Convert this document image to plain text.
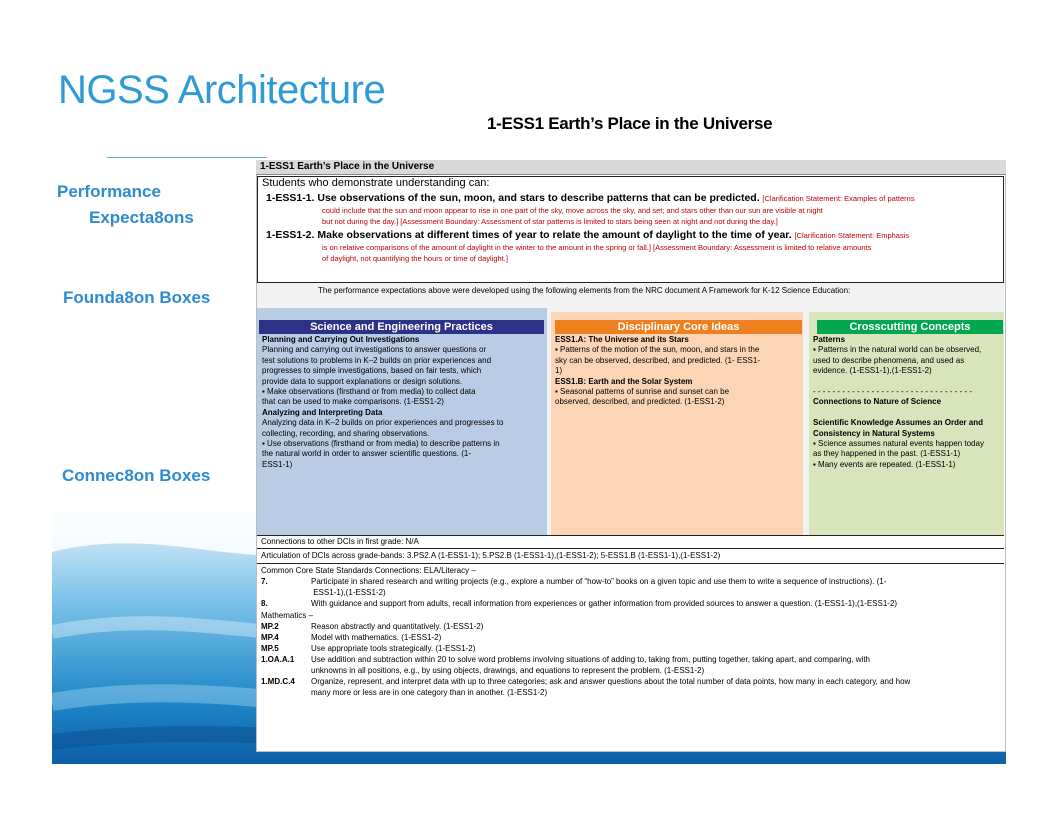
NGSS Architecture
1-ESS1 Earth’s Place in the Universe
Performance
Expecta8ons
Founda8on Boxes
Connec8on Boxes
1-ESS1 Earth’s Place in the Universe
Students who demonstrate understanding can:
1-ESS1-1. Use observations of the sun, moon, and stars to describe patterns that can be predicted. [Clarification Statement: Examples of patterns
could include that the sun and moon appear to rise in one part of the sky, move across the sky, and set; and stars other than our sun are visible at night
but not during the day.] [Assessment Boundary: Assessment of star patterns is limited to stars being seen at night and not during the day.]
1-ESS1-2. Make observations at different times of year to relate the amount of daylight to the time of year. [Clarification Statement: Emphasis
is on relative comparisons of the amount of daylight in the winter to the amount in the spring or fall.] [Assessment Boundary: Assessment is limited to relative amounts
of daylight, not quantifying the hours or time of daylight.]
The performance expectations above were developed using the following elements from the NRC document A Framework for K-12 Science Education:
Science and Engineering Practices	Disciplinary Core Ideas	Crosscutting Concepts
Planning and Carrying Out Investigations
Planning and carrying out investigations to answer questions or
test solutions to problems in K–2 builds on prior experiences and
progresses to simple investigations, based on fair tests, which
provide data to support explanations or design solutions.
▪ Make observations (firsthand or from media) to collect data
that can be used to make comparisons. (1-ESS1-2)
Analyzing and Interpreting Data
Analyzing data in K–2 builds on prior experiences and progresses to
collecting, recording, and sharing observations.
▪ Use observations (firsthand or from media) to describe patterns in
the natural world in order to answer scientific questions. (1-
ESS1-1)
ESS1.A: The Universe and its Stars
▪ Patterns of the motion of the sun, moon, and stars in the
sky can be observed, described, and predicted. (1- ESS1-
1)
ESS1.B: Earth and the Solar System
▪ Seasonal patterns of sunrise and sunset can be
observed, described, and predicted. (1-ESS1-2)
Patterns
▪ Patterns in the natural world can be observed,
used to describe phenomena, and used as
evidence. (1-ESS1-1),(1-ESS1-2)

- - - - - - - - - - - - - - - - - - - - - - - - - - - - - - - - -
Connections to Nature of Science

Scientific Knowledge Assumes an Order and
Consistency in Natural Systems
▪ Science assumes natural events happen today
as they happened in the past. (1-ESS1-1)
▪ Many events are repeated. (1-ESS1-1)
Connections to other DCIs in first grade: N/A
Articulation of DCIs across grade-bands: 3.PS2.A (1-ESS1-1); 5.PS2.B (1-ESS1-1),(1-ESS1-2); 5-ESS1.B (1-ESS1-1),(1-ESS1-2)
Common Core State Standards Connections: ELA/Literacy –
7.	Participate in shared research and writing projects (e.g., explore a number of “how-to” books on a given topic and use them to write a sequence of instructions). (1-
ESS1-1),(1-ESS1-2)
8.	With guidance and support from adults, recall information from experiences or gather information from provided sources to answer a question. (1-ESS1-1),(1-ESS1-2)
Mathematics –
MP.2	Reason abstractly and quantitatively. (1-ESS1-2)
MP.4	Model with mathematics. (1-ESS1-2)
MP.5	Use appropriate tools strategically. (1-ESS1-2)
1.OA.A.1 Use addition and subtraction within 20 to solve word problems involving situations of adding to, taking from, putting together, taking apart, and comparing, with
unknowns in all positions, e.g., by using objects, drawings, and equations to represent the problem. (1-ESS1-2)
1.MD.C.4 Organize, represent, and interpret data with up to three categories; ask and answer questions about the total number of data points, how many in each category, and how
many more or less are in one category than in another. (1-ESS1-2)
